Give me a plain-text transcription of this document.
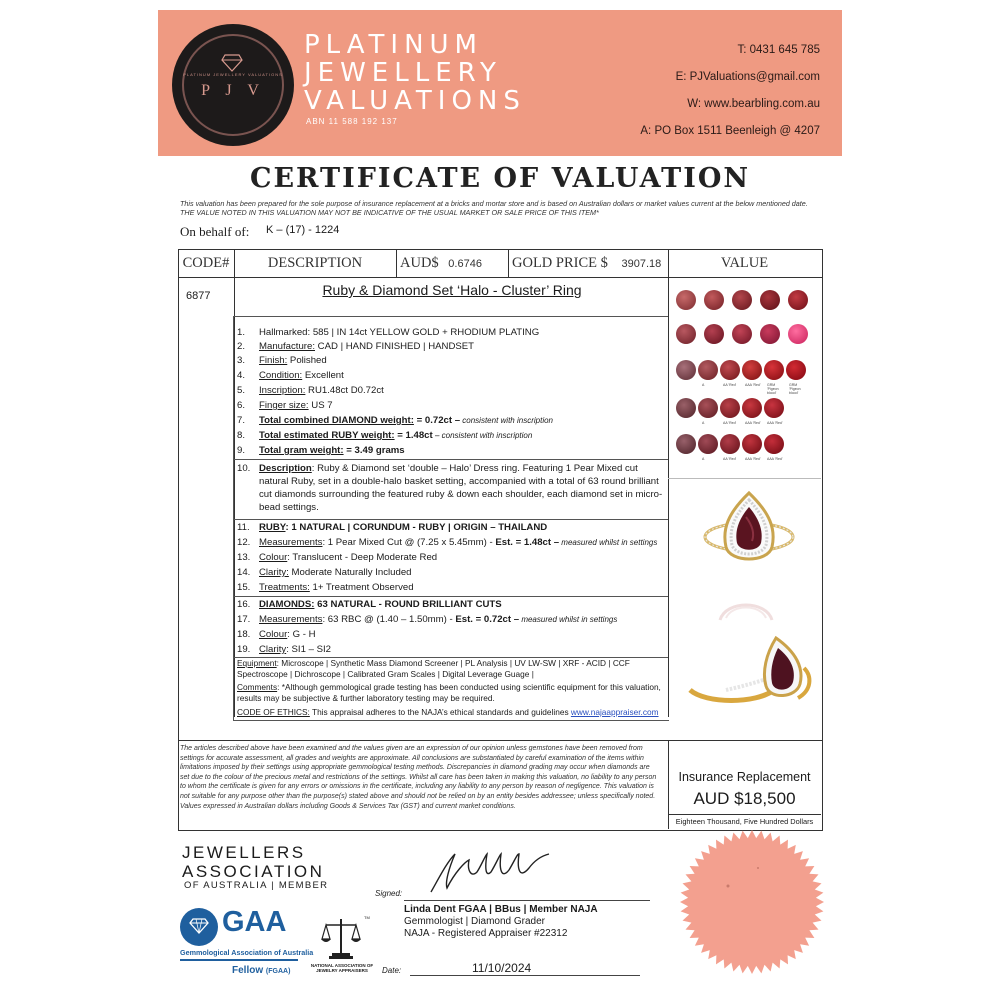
PLATINUM JEWELLERY VALUATIONS
P J V
PLATINUM
JEWELLERY
VALUATIONS
ABN 11 588 192 137
T: 0431 645 785
E: PJValuations@gmail.com
W: www.bearbling.com.au
A: PO Box 1511 Beenleigh @ 4207
CERTIFICATE OF VALUATION
This valuation has been prepared for the sole purpose of insurance replacement at a bricks and mortar store and is based on Australian dollars or market values current at the below mentioned date.
THE VALUE NOTED IN THIS VALUATION MAY NOT BE INDICATIVE OF THE USUAL MARKET OR SALE PRICE OF THIS ITEM*
On behalf of: K – (17) - 1224
CODE#	DESCRIPTION	AUD$ 0.6746	GOLD PRICE $ 3907.18	VALUE
6877	Ruby & Diamond Set ‘Halo - Cluster’ Ring
1. Hallmarked: 585 | IN 14ct YELLOW GOLD + RHODIUM PLATING
2. Manufacture: CAD | HAND FINISHED | HANDSET
3. Finish: Polished
4. Condition: Excellent
5. Inscription: RU1.48ct D0.72ct
6. Finger size: US 7
7. Total combined DIAMOND weight: = 0.72ct – consistent with inscription
8. Total estimated RUBY weight: = 1.48ct – consistent with inscription
9. Total gram weight: = 3.49 grams
10. Description: Ruby & Diamond set ‘double – Halo’ Dress ring. Featuring 1 Pear Mixed cut natural Ruby, set in a double-halo basket setting, accompanied with a total of 63 round brilliant cut diamonds surrounding the featured ruby & down each shoulder, each diamond set in micro-bead settings.
11. RUBY: 1 NATURAL | CORUNDUM - RUBY | ORIGIN – THAILAND
12. Measurements: 1 Pear Mixed Cut @ (7.25 x 5.45mm) - Est. = 1.48ct – measured whilst in settings
13. Colour: Translucent - Deep Moderate Red
14. Clarity: Moderate Naturally Included
15. Treatments: 1+ Treatment Observed
16. DIAMONDS: 63 NATURAL - ROUND BRILLIANT CUTS
17. Measurements: 63 RBC @ (1.40 – 1.50mm) - Est. = 0.72ct – measured whilst in settings
18. Colour: G - H
19. Clarity: SI1 – SI2
Equipment: Microscope | Synthetic Mass Diamond Screener | PL Analysis | UV LW-SW | XRF - ACID | CCF Spectroscope | Dichroscope | Calibrated Gram Scales | Digital Leverage Guage |
Comments: *Although gemmological grade testing has been conducted using scientific equipment for this valuation, results may be subjective & further laboratory testing may be required.
CODE OF ETHICS: This appraisal adheres to the NAJA’s ethical standards and guidelines www.najaappraiser.com
A	AA 'Red'	AAA 'Red'	GRM 'Pigeon blood'
GRM 'Pigeon blood'
A	AA 'Red'	AAA 'Red'	AAA 'Red'
A	AA 'Red'	AAA 'Red'	AAA 'Red'
The articles described above have been examined and the values given are an expression of our opinion unless gemstones have been removed from settings for accurate assessment, all grades and weights are approximate. All conclusions are substantiated by careful examination of the items within limitations imposed by their settings using appropriate gemmological testing methods. Discrepancies in diamond grading may occur when diamonds are set due to the colour of the precious metal and restrictions of the settings. Whilst all care has been taken in making this valuation, no liability to any person to whom the certificate is given for any errors or omissions in the certificate, including any liability to any person by reason of negligence. This valuation is not suitable for any purpose other than the purpose(s) stated above and should not be relied on by an entity besides addressee; unless specifically noted. Values expressed in Australian dollars including Goods & Services Tax (GST) and current market conditions.
Insurance Replacement
AUD $18,500
Eighteen Thousand, Five Hundred Dollars
JEWELLERS
ASSOCIATION
OF AUSTRALIA | MEMBER
GAA
Gemmological Association of Australia
Fellow (FGAA)
TM
NATIONAL ASSOCIATION OF JEWELRY APPRAISERS
Signed:
Linda Dent FGAA | BBus | Member NAJA
Gemmologist | Diamond Grader
NAJA - Registered Appraiser #22312
Date:	11/10/2024
